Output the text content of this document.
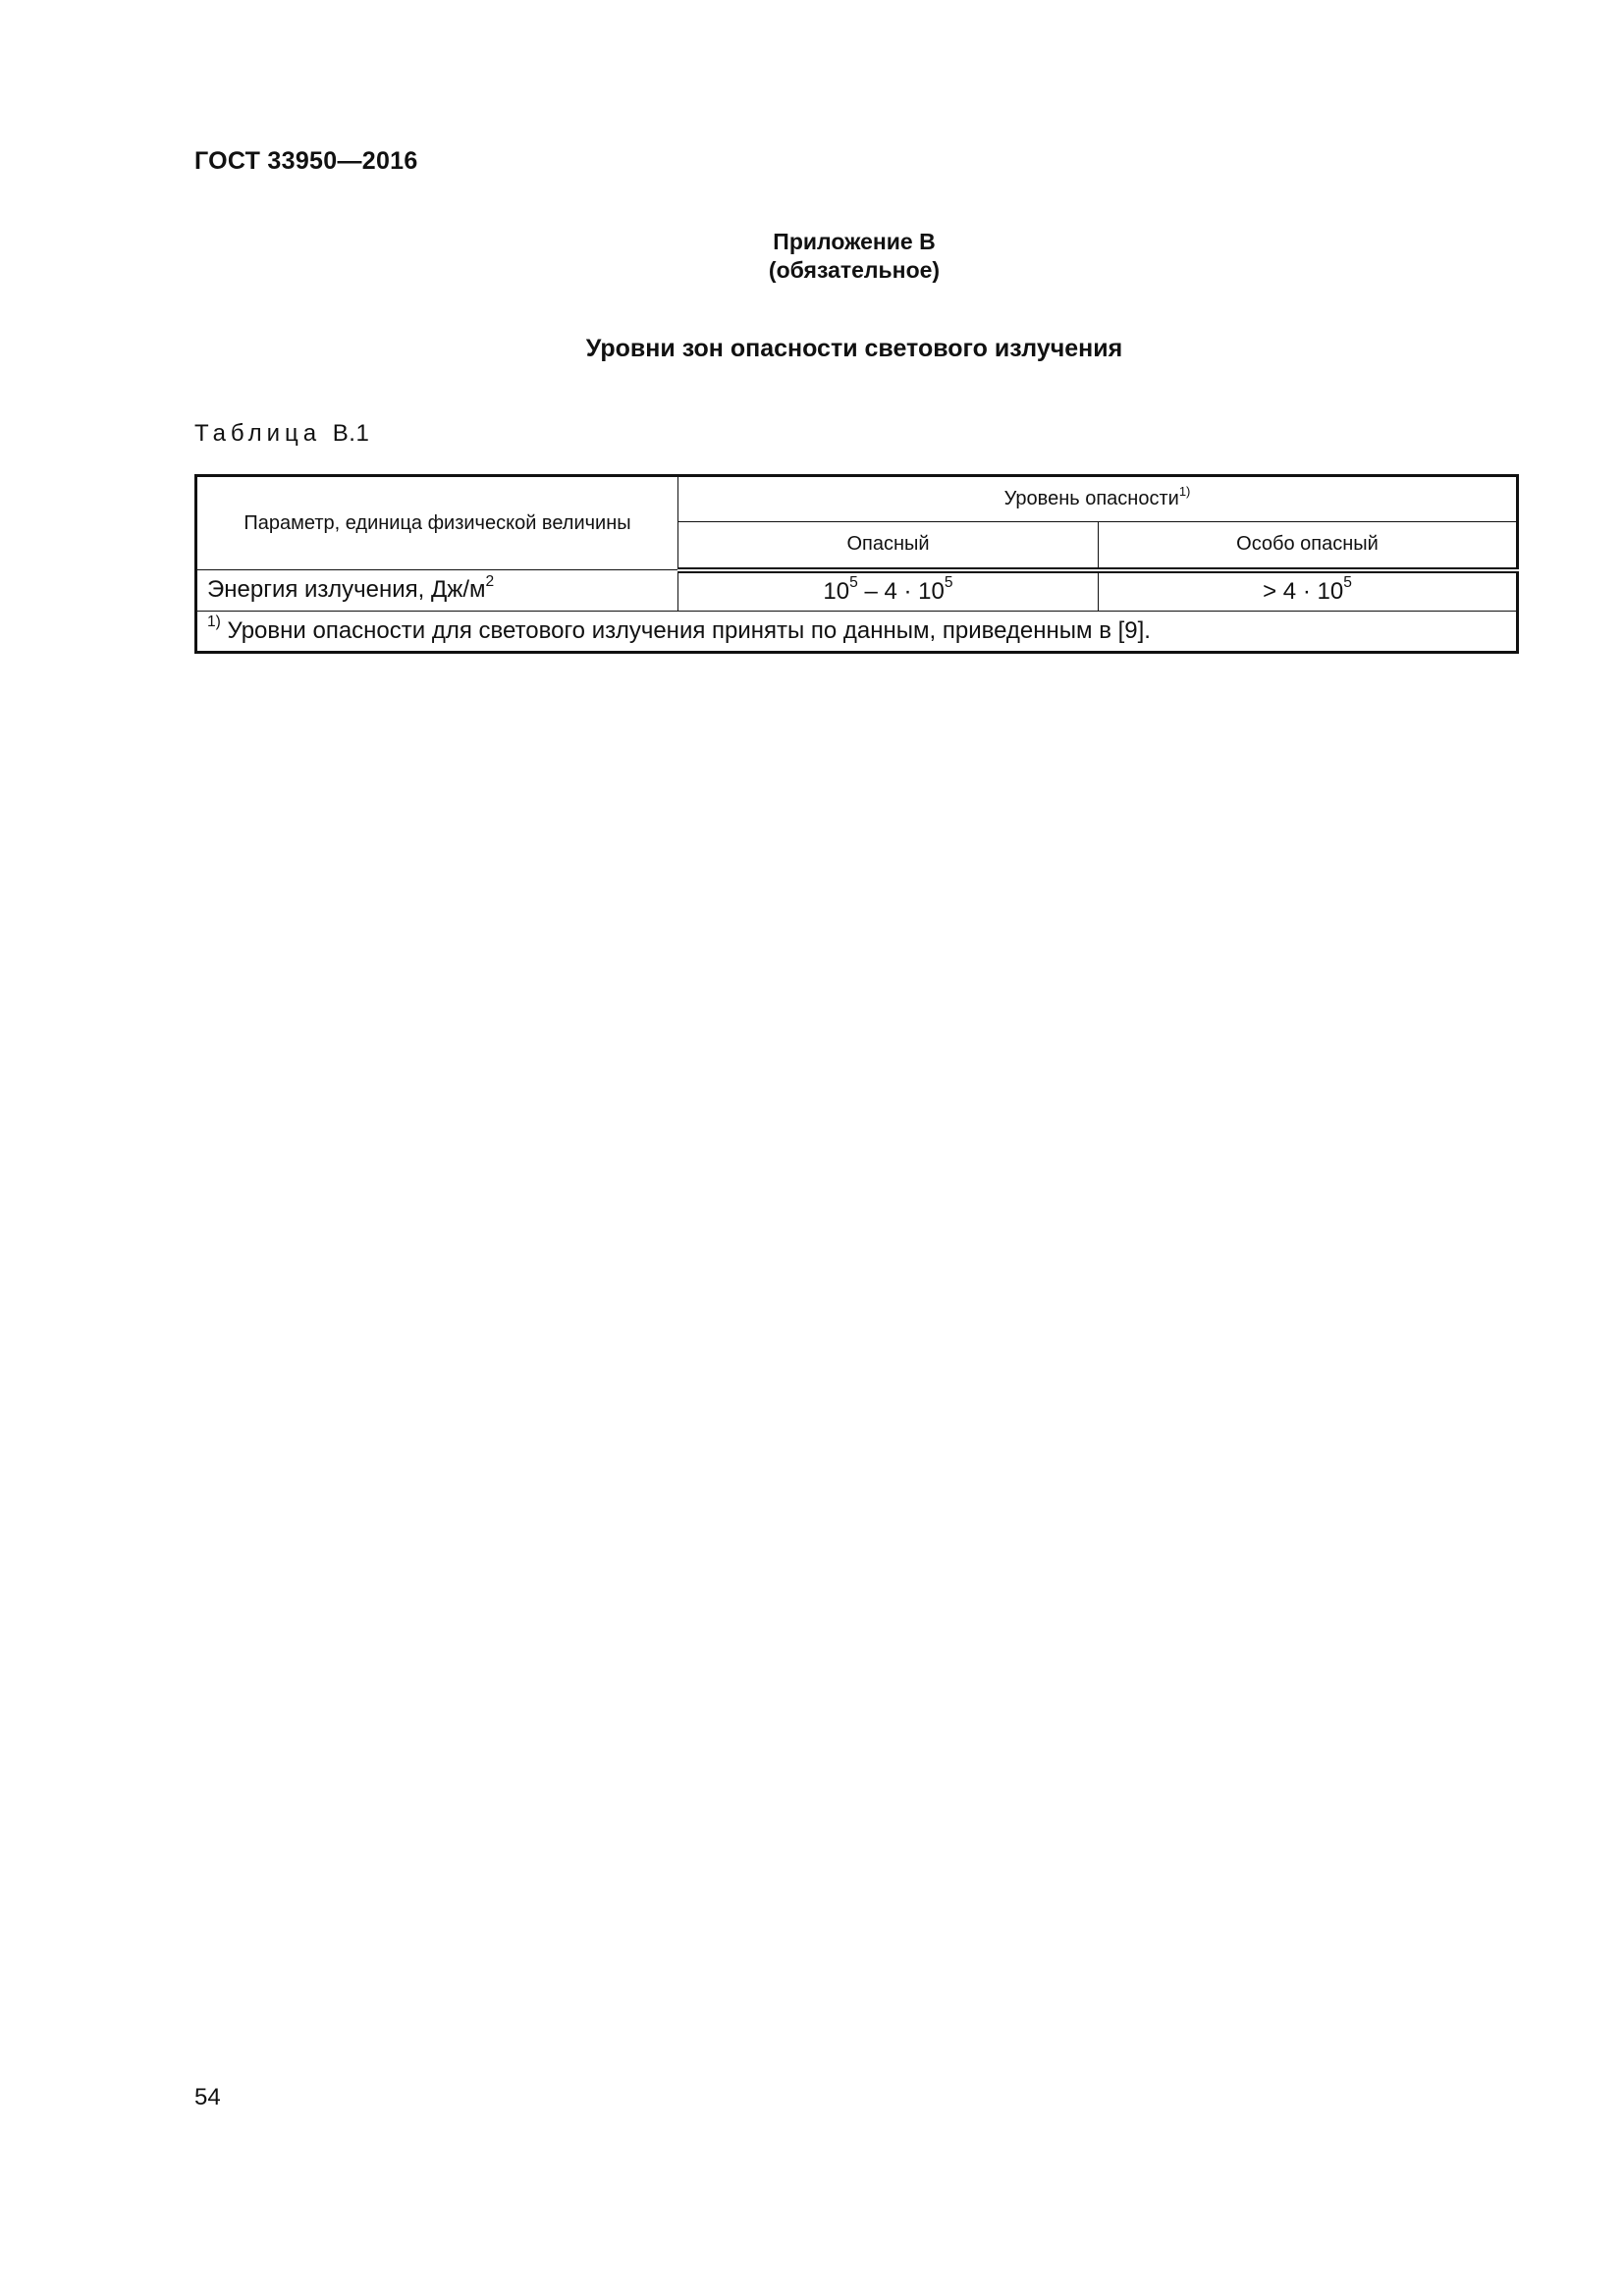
ГОСТ 33950—2016
Приложение В
(обязательное)
Уровни зон опасности светового излучения
Таблица В.1
Параметр, единица физической величины	Уровень опасности$^{1)}$
	Опасный	Особо опасный
Энергия излучения, $Дж/м^2$	$10^5 - 4 \cdot 10^5$	> $4 \cdot 10^5$
$^{1)}$ Уровни опасности для светового излучения приняты по данным, приведенным в [9].		
54
